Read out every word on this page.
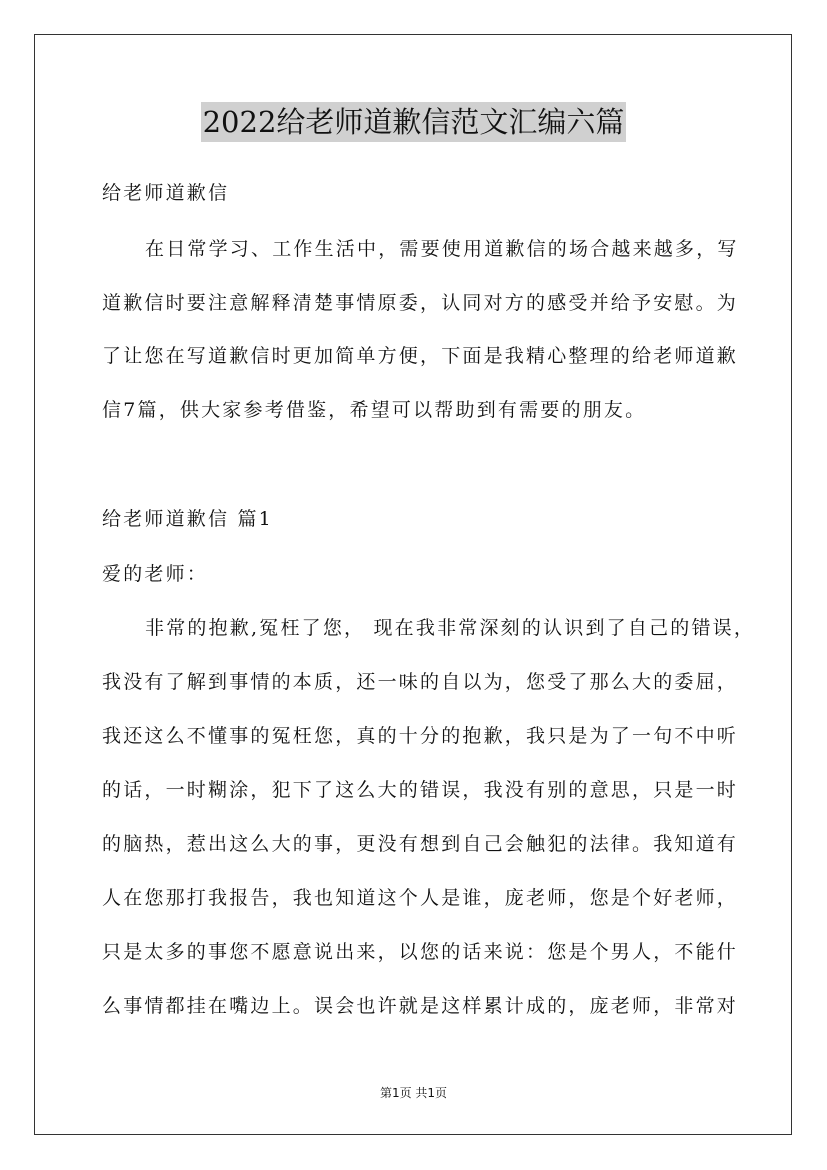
2022给老师道歉信范文汇编六篇
给老师道歉信
在日常学习、工作生活中，需要使用道歉信的场合越来越多，写
道歉信时要注意解释清楚事情原委，认同对方的感受并给予安慰。为
了让您在写道歉信时更加简单方便，下面是我精心整理的给老师道歉
信7篇，供大家参考借鉴，希望可以帮助到有需要的朋友。
给老师道歉信 篇1
爱的老师：
非常的抱歉,冤枉了您， 现在我非常深刻的认识到了自己的错误，
我没有了解到事情的本质，还一味的自以为，您受了那么大的委屈，
我还这么不懂事的冤枉您，真的十分的抱歉，我只是为了一句不中听
的话，一时糊涂，犯下了这么大的错误，我没有别的意思，只是一时
的脑热，惹出这么大的事，更没有想到自己会触犯的法律。我知道有
人在您那打我报告，我也知道这个人是谁，庞老师，您是个好老师，
只是太多的事您不愿意说出来，以您的话来说：您是个男人，不能什
么事情都挂在嘴边上。误会也许就是这样累计成的，庞老师，非常对
第1页 共1页
